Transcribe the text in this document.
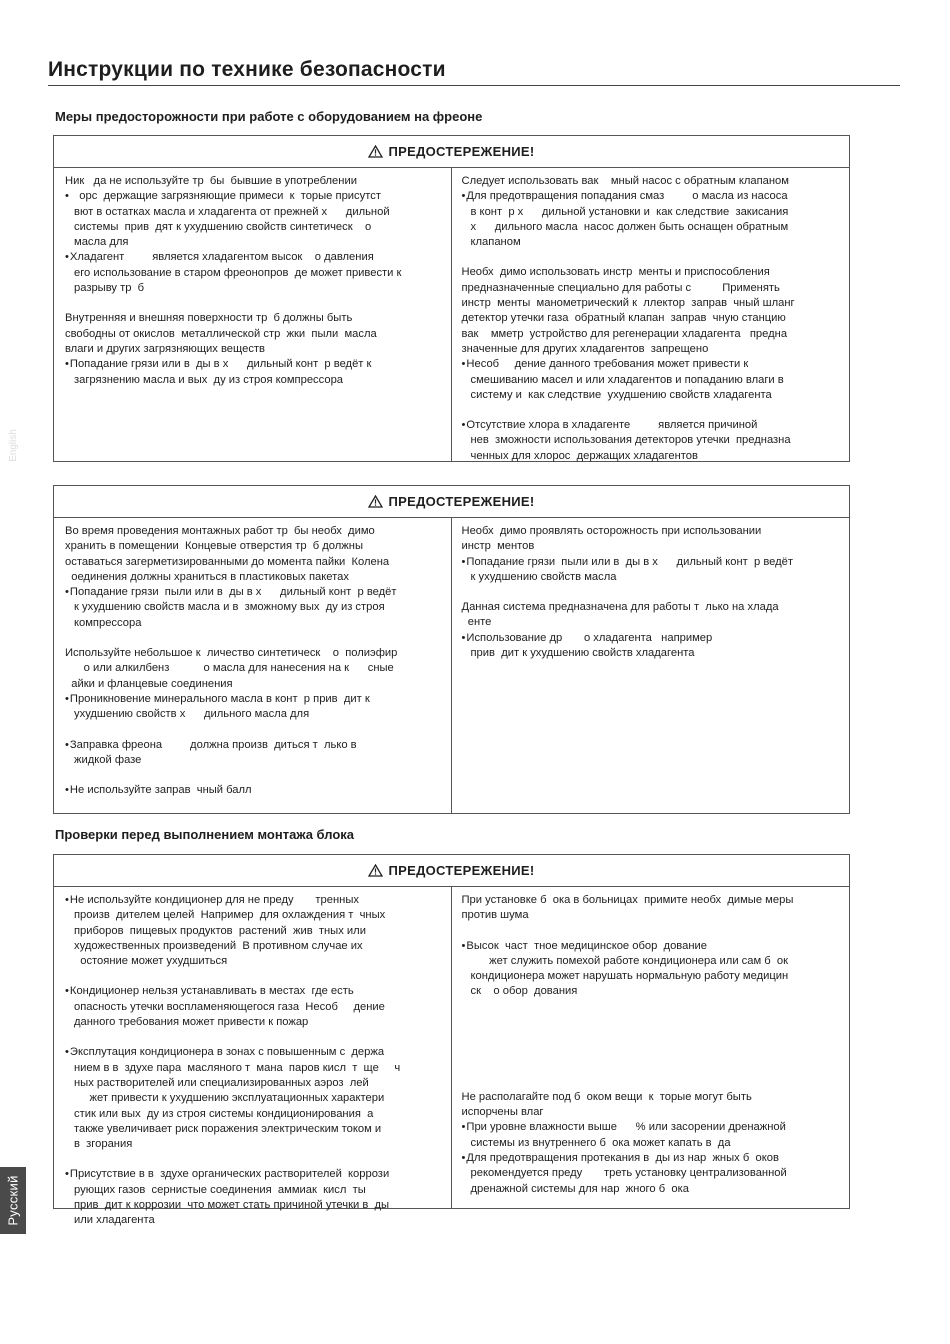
Инструкции по технике безопасности
Меры предосторожности при работе с оборудованием на фреоне
ПРЕДОСТЕРЕЖЕНИЕ!
Ник   да не используйте тр  бы  бывшие в употреблении
•    орс  держащие загрязняющие примеси  к  торые присутст
вют в остатках масла и хладагента от прежней х      дильной
системы  прив  дят к ухудшению свойств синтетическ    о
масла для
• Хладагент         является хладагентом высок    о давления
его использование в старом фреонопров  де может привести к
разрыву тр  б
Внутренняя и внешняя поверхности тр  б должны быть
свободны от окислов  металлической стр  жки  пыли  масла
влаги и других загрязняющих веществ
• Попадание грязи или в  ды в х      дильный конт  р ведёт к
загрязнению масла и вых  ду из строя компрессора
Следует использовать вак    мный насос с обратным клапаном
• Для предотвращения попадания смаз         о масла из насоса
в конт  р х      дильной установки и  как следствие  закисания
х      дильного масла  насос должен быть оснащен обратным
клапаном
Необх  димо использовать инстр  менты и приспособления
предназначенные специально для работы с          Применять
инстр  менты  манометрический к  ллектор  заправ  чный шланг
детектор утечки газа  обратный клапан  заправ  чную станцию
вак    мметр  устройство для регенерации хладагента   предна
значенные для других хладагентов  запрещено
• Несоб     дение данного требования может привести к
смешиванию масел и или хладагентов и попаданию влаги в
систему и  как следствие  ухудшению свойств хладагента
• Отсутствие хлора в хладагенте         является причиной
нев  зможности использования детекторов утечки  предназна
ченных для хлорос  держащих хладагентов
ПРЕДОСТЕРЕЖЕНИЕ!
Во время проведения монтажных работ тр  бы необх  димо
хранить в помещении  Концевые отверстия тр  б должны
оставаться загерметизированными до момента пайки  Колена
оединения должны храниться в пластиковых пакетах
• Попадание грязи  пыли или в  ды в х      дильный конт  р ведёт
к ухудшению свойств масла и в  зможному вых  ду из строя
компрессора
Используйте небольшое к  личество синтетическ    о  полиэфир
о или алкилбенз           о масла для нанесения на к      сные
айки и фланцевые соединения
• Проникновение минерального масла в конт  р прив  дит к
ухудшению свойств х      дильного масла для
• Заправка фреона         должна произв  диться т  лько в
жидкой фазе
• Не используйте заправ  чный балл
Необх  димо проявлять осторожность при использовании
инстр  ментов
• Попадание грязи  пыли или в  ды в х      дильный конт  р ведёт
к ухудшению свойств масла
Данная система предназначена для работы т  лько на хлада
енте
• Использование др       о хладагента   например
прив  дит к ухудшению свойств хладагента
Проверки перед выполнением монтажа блока
ПРЕДОСТЕРЕЖЕНИЕ!
• Не используйте кондиционер для не преду       тренных
произв  дителем целей  Например  для охлаждения т  чных
приборов  пищевых продуктов  растений  жив  тных или
художественных произведений  В противном случае их
остояние может ухудшиться
• Кондиционер нельзя устанавливать в местах  где есть
опасность утечки воспламеняющегося газа  Несоб     дение
данного требования может привести к пожар
• Эксплутация кондиционера в зонах с повышенным с  держа
нием в в  здухе пара  масляного т  мана  паров кисл  т  ще     ч
ных растворителей или специализированных аэроз  лей
жет привести к ухудшению эксплуатационных характери
стик или вых  ду из строя системы кондиционирования  а
также увеличивает риск поражения электрическим током и
в  згорания
• Присутствие в в  здухе органических растворителей  коррози
рующих газов  сернистые соединения  аммиак  кисл  ты
прив  дит к коррозии  что может стать причиной утечки в  ды
или хладагента
При установке б  ока в больницах  примите необх  димые меры
против шума
• Высок  част  тное медицинское обор  дование
жет служить помехой работе кондиционера или сам б  ок
кондиционера может нарушать нормальную работу медицин
ск    о обор  дования
Не располагайте под б  оком вещи  к  торые могут быть
испорчены влаг
• При уровне влажности выше      % или засорении дренажной
системы из внутреннего б  ока может капать в  да
• Для предотвращения протекания в  ды из нар  жных б  оков
рекомендуется преду       треть установку централизованной
дренажной системы для нар  жного б  ока
English
Русский
